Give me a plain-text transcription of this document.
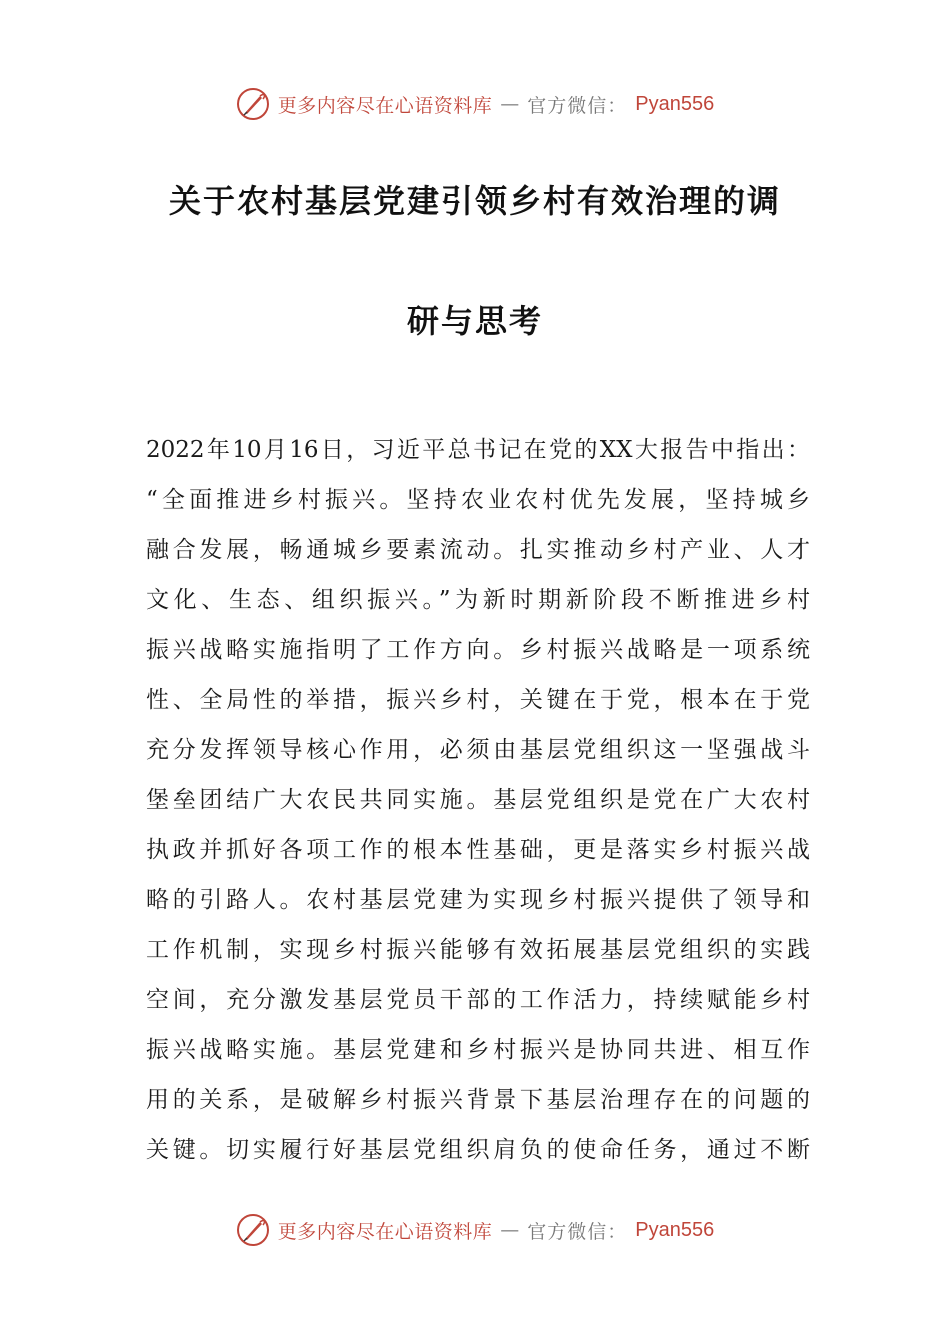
更多内容尽在心语资料库 — 官方微信： Pyan556
关于农村基层党建引领乡村有效治理的调
研与思考
2022年10月16日，习近平总书记在党的XX大报告中指出：
“全面推进乡村振兴。坚持农业农村优先发展，坚持城乡
融合发展，畅通城乡要素流动。扎实推动乡村产业、人才
文化、生态、组织振兴。”为新时期新阶段不断推进乡村
振兴战略实施指明了工作方向。乡村振兴战略是一项系统
性、全局性的举措，振兴乡村，关键在于党，根本在于党
充分发挥领导核心作用，必须由基层党组织这一坚强战斗
堡垒团结广大农民共同实施。基层党组织是党在广大农村
执政并抓好各项工作的根本性基础，更是落实乡村振兴战
略的引路人。农村基层党建为实现乡村振兴提供了领导和
工作机制，实现乡村振兴能够有效拓展基层党组织的实践
空间，充分激发基层党员干部的工作活力，持续赋能乡村
振兴战略实施。基层党建和乡村振兴是协同共进、相互作
用的关系，是破解乡村振兴背景下基层治理存在的问题的
关键。切实履行好基层党组织肩负的使命任务，通过不断
更多内容尽在心语资料库 — 官方微信： Pyan556
